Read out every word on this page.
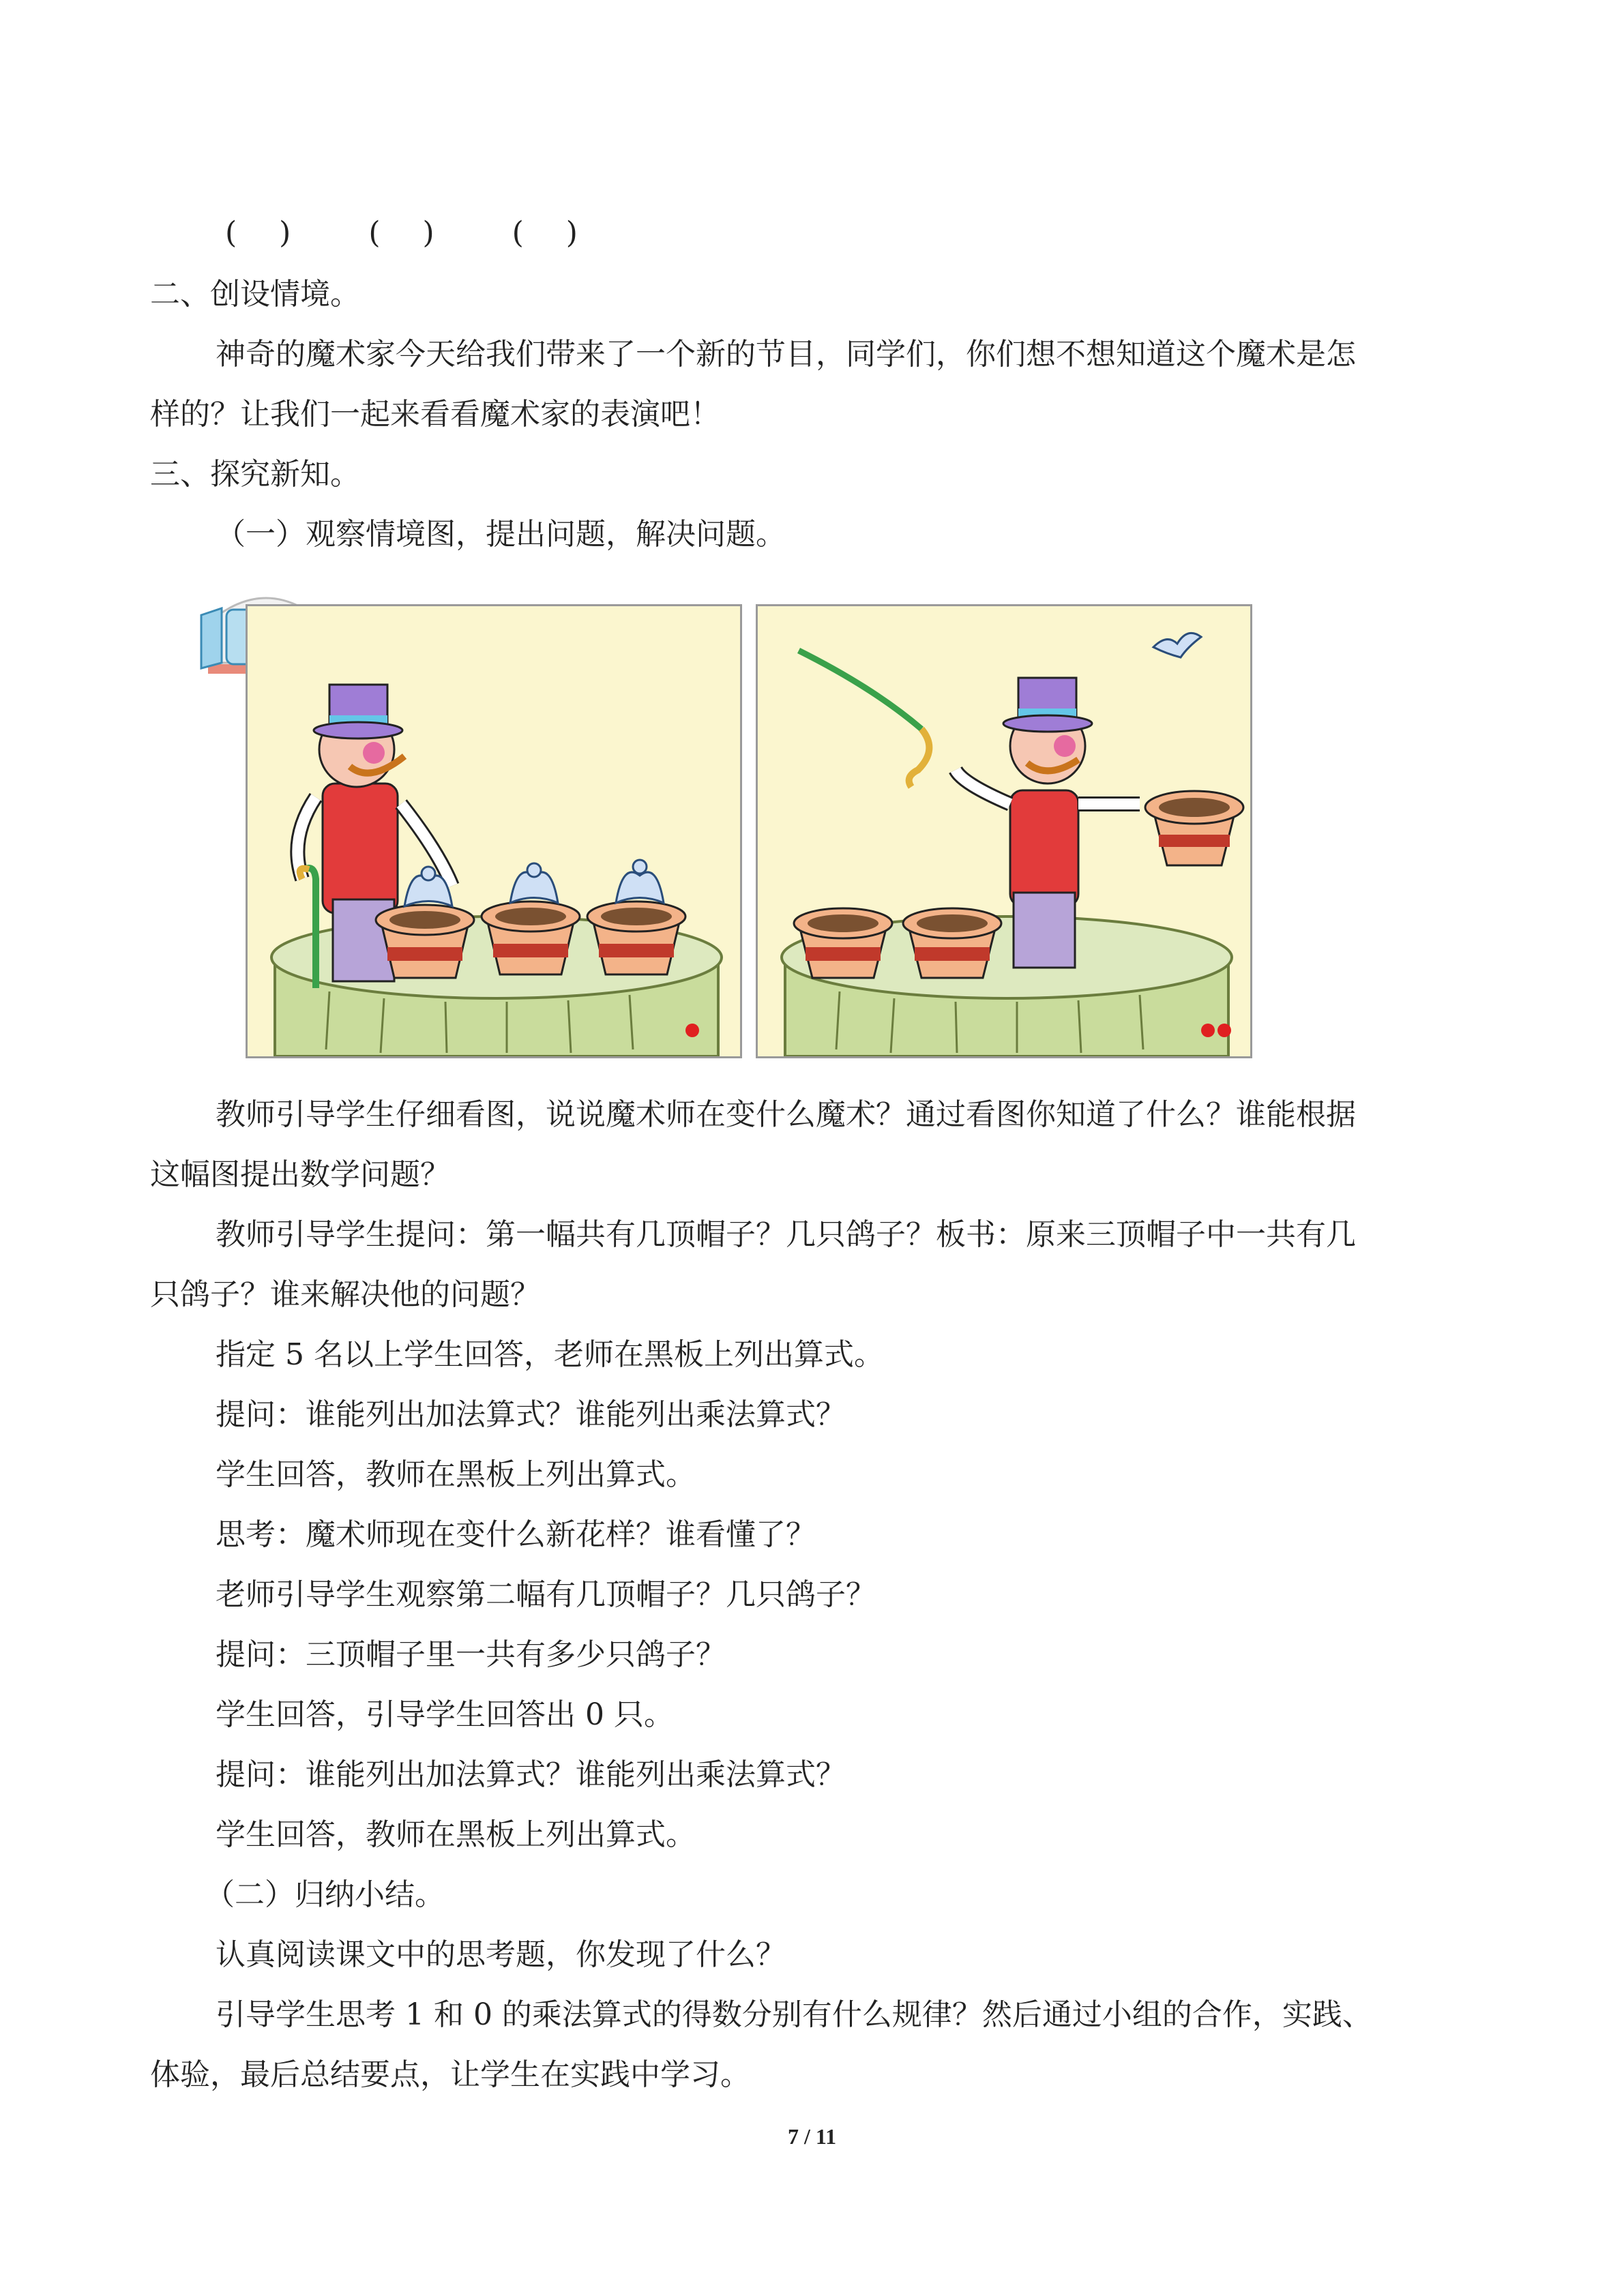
( ) ( ) ( )
二、创设情境。
神奇的魔术家今天给我们带来了一个新的节目，同学们，你们想不想知道这个魔术是怎
样的？让我们一起来看看魔术家的表演吧！
三、探究新知。
（一）观察情境图，提出问题，解决问题。
教师引导学生仔细看图，说说魔术师在变什么魔术？通过看图你知道了什么？谁能根据
这幅图提出数学问题？
教师引导学生提问：第一幅共有几顶帽子？几只鸽子？板书：原来三顶帽子中一共有几
只鸽子？谁来解决他的问题？
指定 5 名以上学生回答，老师在黑板上列出算式。
提问：谁能列出加法算式？谁能列出乘法算式？
学生回答，教师在黑板上列出算式。
思考：魔术师现在变什么新花样？谁看懂了？
老师引导学生观察第二幅有几顶帽子？几只鸽子？
提问：三顶帽子里一共有多少只鸽子？
学生回答，引导学生回答出 0 只。
提问：谁能列出加法算式？谁能列出乘法算式？
学生回答，教师在黑板上列出算式。
（二）归纳小结。
认真阅读课文中的思考题，你发现了什么？
引导学生思考 1 和 0 的乘法算式的得数分别有什么规律？然后通过小组的合作，实践、
体验，最后总结要点，让学生在实践中学习。
7 / 11
